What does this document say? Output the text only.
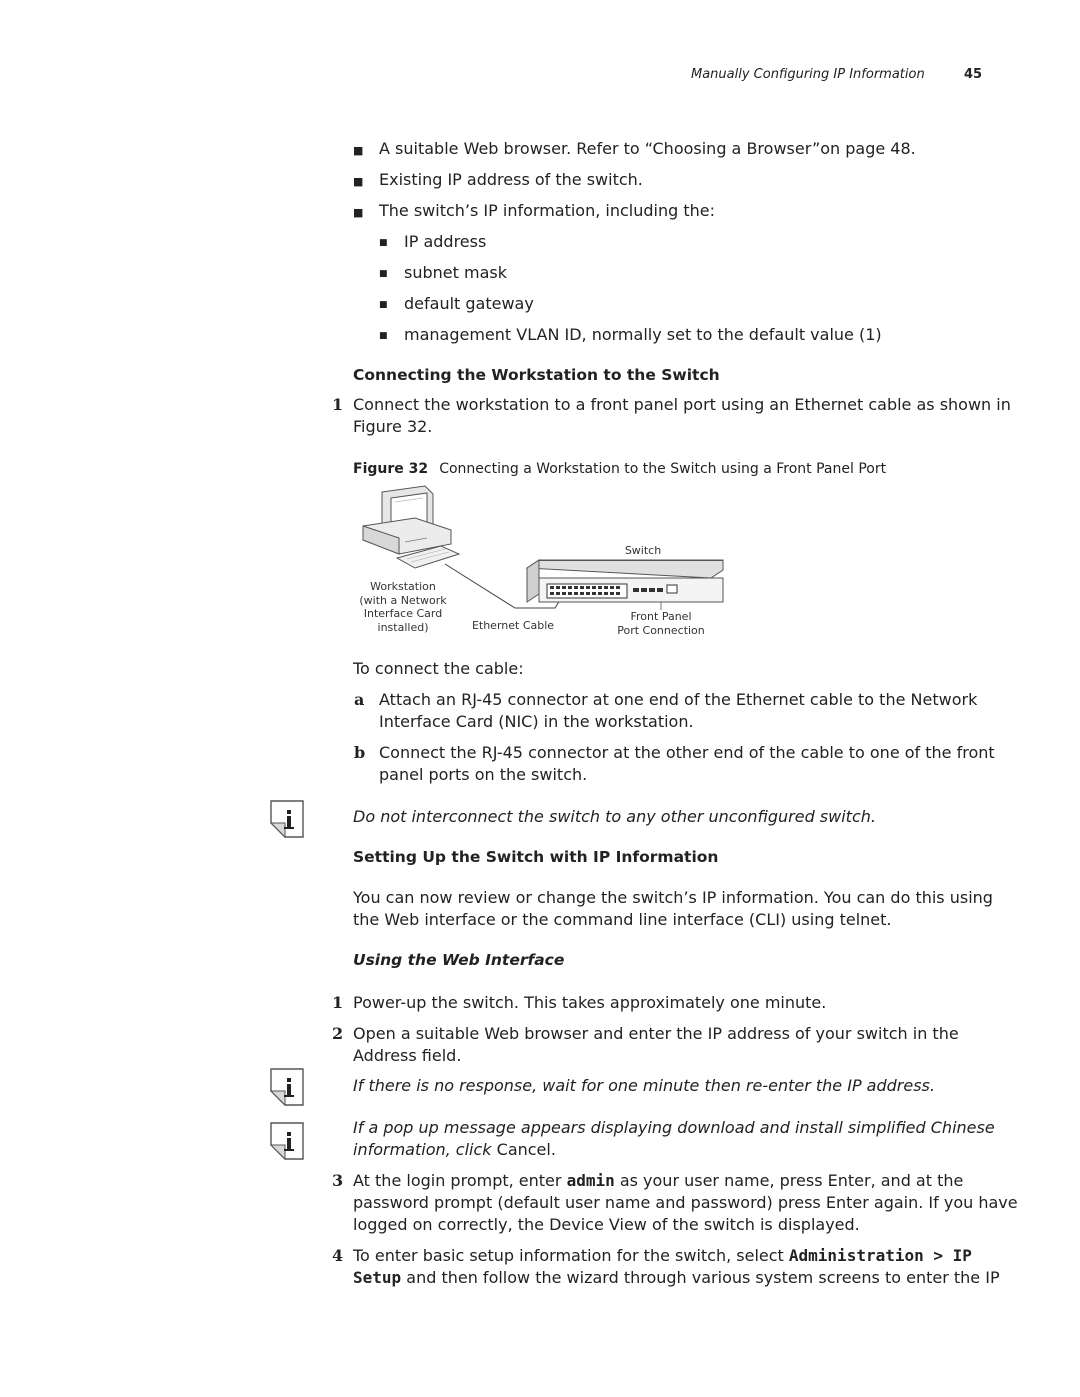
Manually Configuring IP Information	45
■ A suitable Web browser. Refer to “Choosing a Browser”on page 48.
■ Existing IP address of the switch.
■ The switch’s IP information, including the:
■ IP address
■ subnet mask
■ default gateway
■ management VLAN ID, normally set to the default value (1)
Connecting the Workstation to the Switch
1 Connect the workstation to a front panel port using an Ethernet cable as shown in
Figure 32.
Figure 32 Connecting a Workstation to the Switch using a Front Panel Port
Switch
Workstation
(with a Network
Interface Card
installed)	Ethernet Cable
Front Panel
Port Connection
To connect the cable:
a Attach an RJ-45 connector at one end of the Ethernet cable to the Network
Interface Card (NIC) in the workstation.
b Connect the RJ-45 connector at the other end of the cable to one of the front
panel ports on the switch.
Do not interconnect the switch to any other unconfigured switch.
Setting Up the Switch with IP Information
You can now review or change the switch’s IP information. You can do this using
the Web interface or the command line interface (CLI) using telnet.
Using the Web Interface
1 Power-up the switch. This takes approximately one minute.
2 Open a suitable Web browser and enter the IP address of your switch in the
Address field.
If there is no response, wait for one minute then re-enter the IP address.
If a pop up message appears displaying download and install simplified Chinese
information, click Cancel.
3 At the login prompt, enter admin as your user name, press Enter, and at the
password prompt (default user name and password) press Enter again. If you have
logged on correctly, the Device View of the switch is displayed.
4 To enter basic setup information for the switch, select Administration > IP
Setup and then follow the wizard through various system screens to enter the IP
